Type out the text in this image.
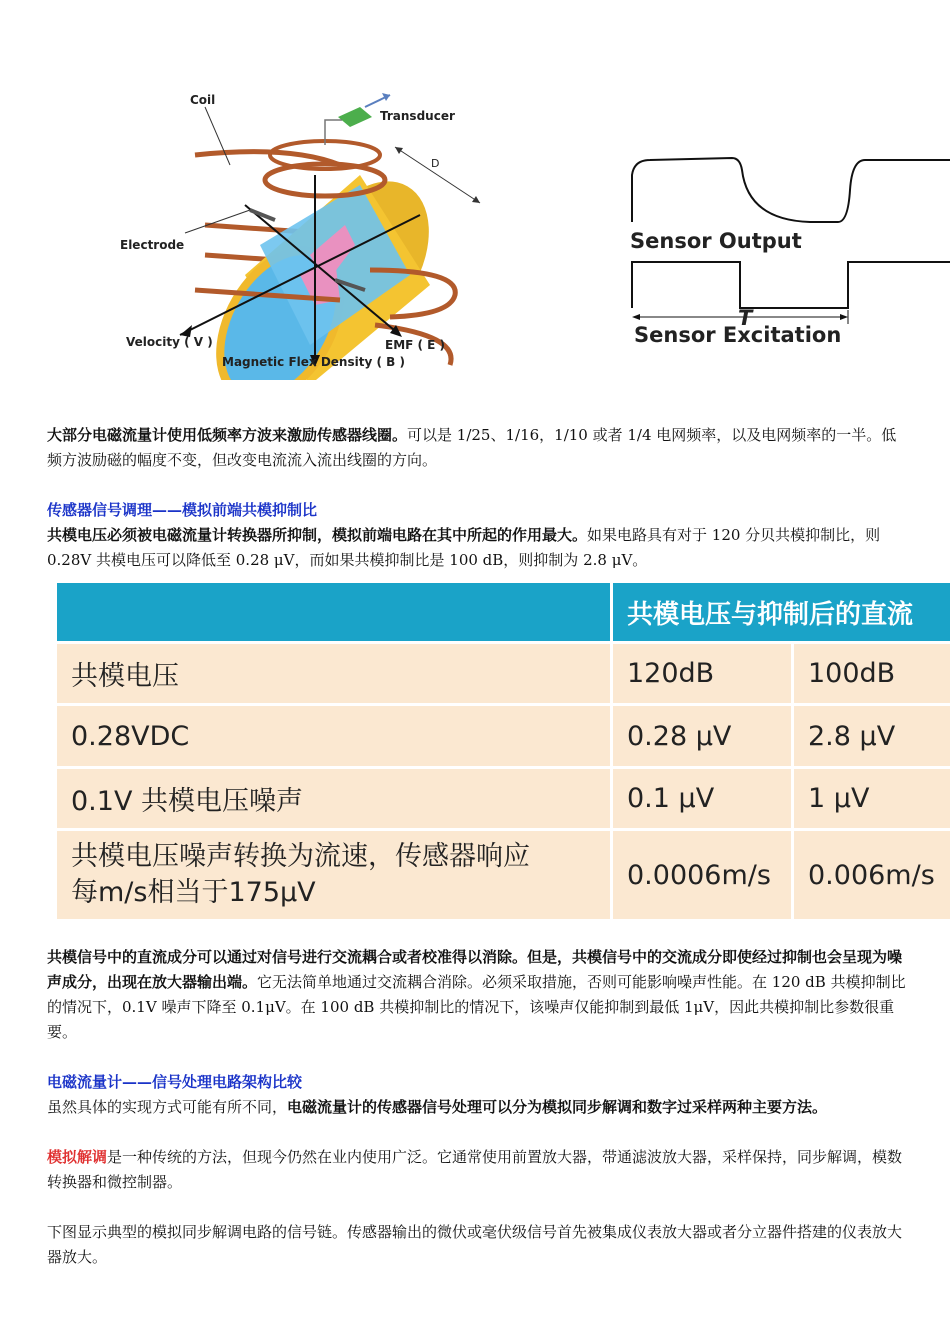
Coil
Transducer
D
Electrode
Velocity ( V )	EMF ( E )
Magnetic Flex Density ( B )
Sensor Output
T
Sensor Excitation
大部分电磁流量计使用低频率方波来激励传感器线圈。可以是 1/25、1/16，1/10 或者 1/4 电网频率，以及电网频率的一半。低频方波励磁的幅度不变，但改变电流流入流出线圈的方向。
传感器信号调理——模拟前端共模抑制比
共模电压必须被电磁流量计转换器所抑制，模拟前端电路在其中所起的作用最大。如果电路具有对于 120 分贝共模抑制比，则 0.28V 共模电压可以降低至 0.28 μV，而如果共模抑制比是 100 dB，则抑制为 2.8 μV。
共模电压与抑制后的直流
共模电压	120dB	100dB
0.28VDC	0.28 μV	2.8 μV
0.1V 共模电压噪声	0.1 μV	1 μV
共模电压噪声转换为流速，传感器响应
每m/s相当于175μV
0.0006m/s	0.006m/s
共模信号中的直流成分可以通过对信号进行交流耦合或者校准得以消除。但是，共模信号中的交流成分即使经过抑制也会呈现为噪声成分，出现在放大器输出端。它无法简单地通过交流耦合消除。必须采取措施，否则可能影响噪声性能。在 120 dB 共模抑制比的情况下，0.1V 噪声下降至 0.1μV。在 100 dB 共模抑制比的情况下，该噪声仅能抑制到最低 1μV，因此共模抑制比参数很重要。
电磁流量计——信号处理电路架构比较
虽然具体的实现方式可能有所不同，电磁流量计的传感器信号处理可以分为模拟同步解调和数字过采样两种主要方法。
模拟解调是一种传统的方法，但现今仍然在业内使用广泛。它通常使用前置放大器，带通滤波放大器，采样保持，同步解调，模数转换器和微控制器。
下图显示典型的模拟同步解调电路的信号链。传感器输出的微伏或毫伏级信号首先被集成仪表放大器或者分立器件搭建的仪表放大器放大。
